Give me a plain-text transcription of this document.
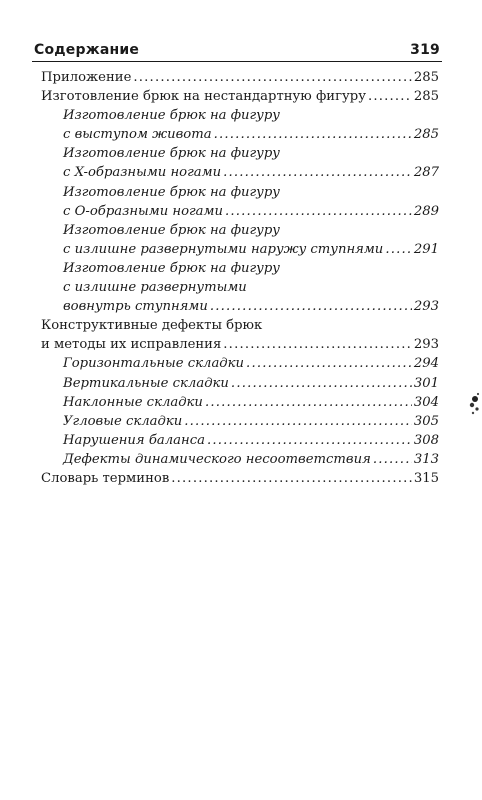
Содержание	319
Приложение .....	285
Изготовление брюк на нестандартную фигуру .....	285
Изготовление брюк на фигуру
с выступом живота .....	285
Изготовление брюк на фигуру
с X-образными ногами .....	287
Изготовление брюк на фигуру
с О-образными ногами .....	289
Изготовление брюк на фигуру
с излишне развернутыми наружу ступнями ..... 291
Изготовление брюк на фигуру
с излишне развернутыми
вовнутрь ступнями .....	293
Конструктивные дефекты брюк
и методы их исправления .....	293
Горизонтальные складки .....	294
Вертикальные складки .....	301
Наклонные складки .....	304
Угловые складки .....	305
Нарушения баланса .....	308
Дефекты динамического несоответствия .....	313
Словарь терминов .....	315
